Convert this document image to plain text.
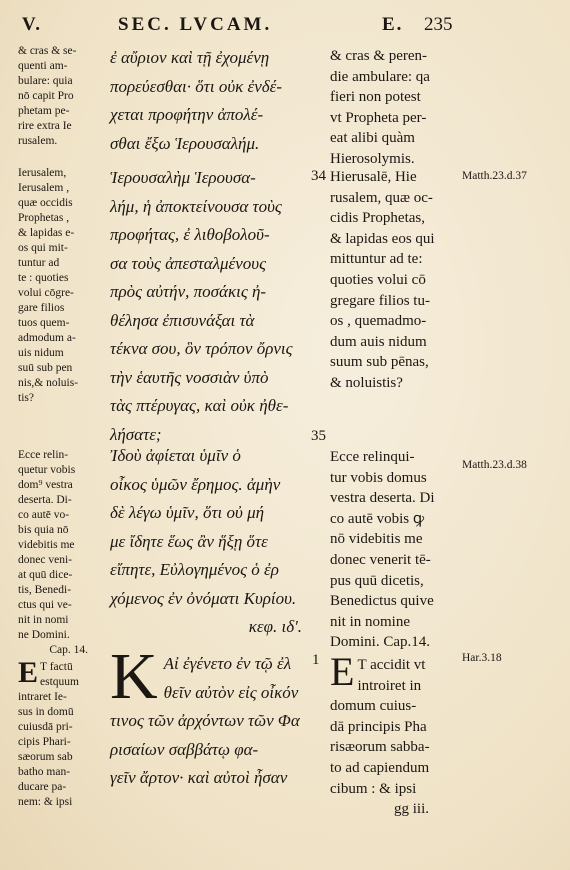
V.	SEC. LVCAM.	E. 235
& cras & se-
quenti am-
bulare: quia
nō capit Pro
phetam pe-
rire extra Ie
rusalem.
Ierusalem,
Ierusalem ,
quæ occidis
Prophetas ,
& lapidas e-
os qui mit-
tuntur ad
te : quoties
volui cōgre-
gare filios
tuos quem-
admodum a-
uis nidum
suū sub pen
nis,& noluis-
tis?
Ecce relin-
quetur vobis
dom⁹ vestra
deserta. Di-
co autē vo-
bis quia nō
videbitis me
donec veni-
at quū dice-
tis, Benedi-
ctus qui ve-
nit in nomi
ne Domini.
Cap. 14.
E T factū
estquum
intraret Ie-
sus in domū
cuiusdā pri-
cipis Phari-
sæorum sab
batho man-
ducare pa-
nem: & ipsi
ἐ αὔριον καὶ τῇ ἐχομένῃ
πορεύεσθαι· ὅτι οὐκ ἐνδέ-
χεται προφήτην ἀπολέ-
σθαι ἔξω Ἱερουσαλήμ.
Ἱερουσαλὴμ Ἱερουσα-
λήμ, ἡ ἀποκτείνουσα τοὺς
προφήτας, ἐ λιθοβολοῦ-
σα τοὺς ἀπεσταλμένους
πρὸς αὐτήν, ποσάκις ἠ-
θέλησα ἐπισυνάξαι τὰ
τέκνα σου, ὃν τρόπον ὄρνις
τὴν ἑαυτῆς νοσσιὰν ὑπὸ
τὰς πτέρυγας, καὶ οὐκ ἠθε-
λήσατε;
Ἰδοὺ ἀφίεται ὑμῖν ὁ
οἶκος ὑμῶν ἔρημος. ἀμὴν
δὲ λέγω ὑμῖν, ὅτι οὐ μή
με ἴδητε ἕως ἂν ἥξῃ ὅτε
εἴπητε, Εὐλογημένος ὁ ἐρ
χόμενος ἐν ὀνόματι Κυρίου.
κεφ. ιδ'.
K Αἰ ἐγένετο ἐν τῷ ἐλ
θεῖν αὐτὸν εἰς οἶκόν
τινος τῶν ἀρχόντων τῶν Φα
ρισαίων σαββάτῳ φα-
γεῖν ἄρτον· καὶ αὐτοὶ ἦσαν
34
35
1
& cras & peren-
die ambulare: qa
fieri non potest
vt Propheta per-
eat alibi quàm
Hierosolymis.
Hierusalē, Hie
rusalem, quæ oc-
cidis Prophetas,
& lapidas eos qui
mittuntur ad te:
quoties volui cō
gregare filios tu-
os , quemadmo-
dum auis nidum
suum sub pēnas,
& noluistis?
Ecce relinqui-
tur vobis domus
vestra deserta. Di
co autē vobis ꝙ
nō videbitis me
donec venerit tē-
pus quū dicetis,
Benedictus quive
nit in nomine
Domini. Cap.14.
E T accidit vt
introiret in
domum cuius-
dā principis Pha
risæorum sabba-
to ad capiendum
cibum : & ipsi
gg iii.
Matth.23.d.37
Matth.23.d.38
Har.3.18
